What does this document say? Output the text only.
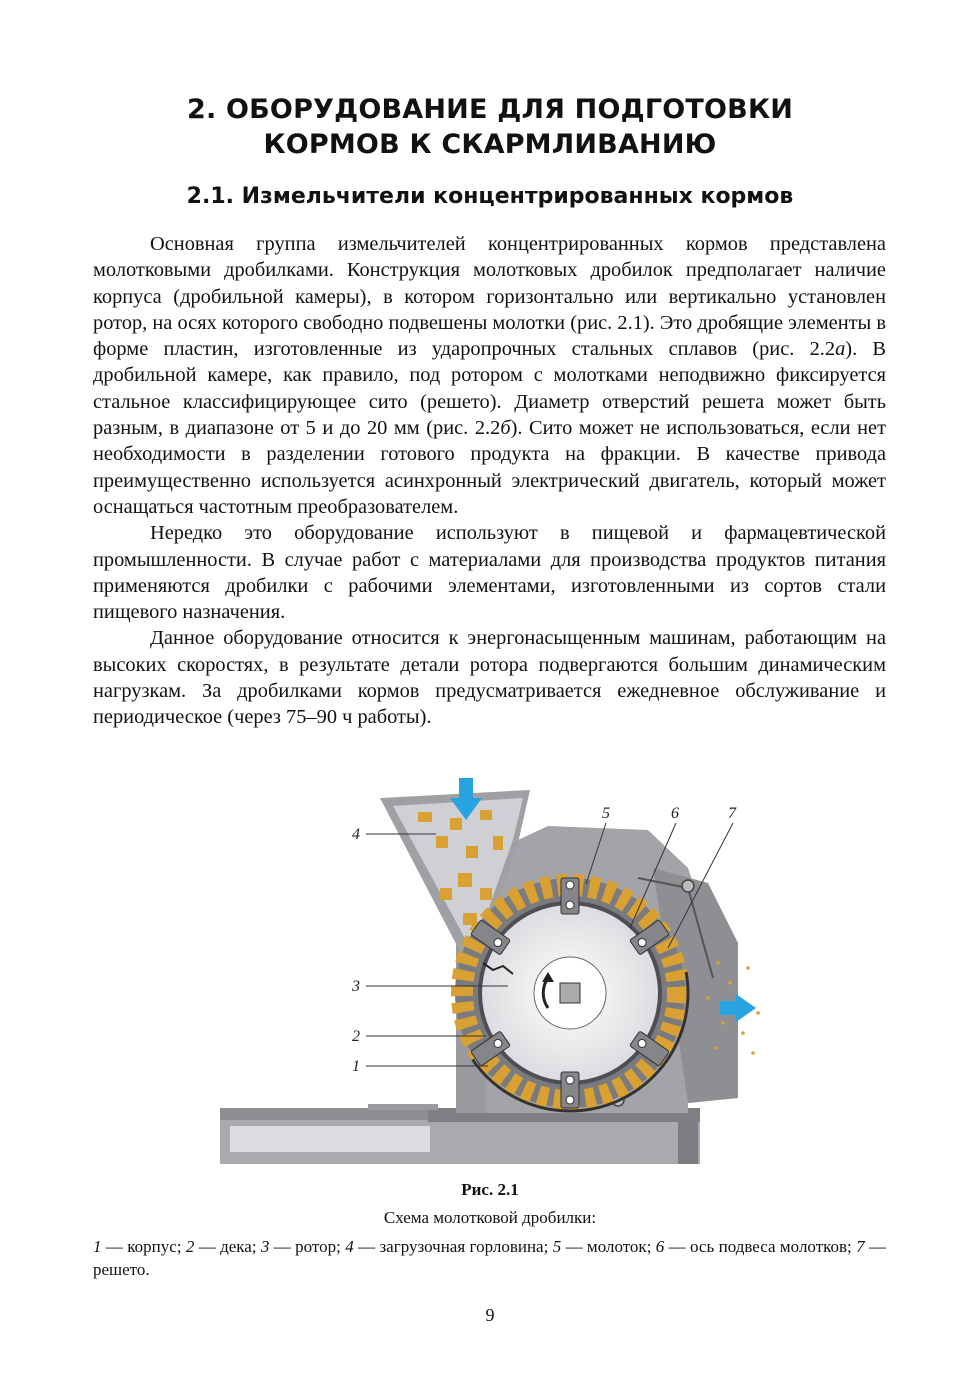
2. ОБОРУДОВАНИЕ ДЛЯ ПОДГОТОВКИ
КОРМОВ К СКАРМЛИВАНИЮ
2.1. Измельчители концентрированных кормов

Основная группа измельчителей концентрированных кормов представлена молотковыми дробилками. Конструкция молотковых дробилок предполагает наличие корпуса (дробильной камеры), в котором горизонтально или вертикально установлен ротор, на осях которого свободно подвешены молотки (рис. 2.1). Это дробящие элементы в форме пластин, изготовленные из ударопрочных стальных сплавов (рис. 2.2а). В дробильной камере, как правило, под ротором с молотками неподвижно фиксируется стальное классифицирующее сито (решето). Диаметр отверстий решета может быть разным, в диапазоне от 5 и до 20 мм (рис. 2.2б). Сито может не использоваться, если нет необходимости в разделении готового продукта на фракции. В качестве привода преимущественно используется асинхронный электрический двигатель, который может оснащаться частотным преобразователем.

Нередко это оборудование используют в пищевой и фармацевтической промышленности. В случае работ с материалами для производства продуктов питания применяются дробилки с рабочими элементами, изготовленными из сортов стали пищевого назначения.

Данное оборудование относится к энергонасыщенным машинам, работающим на высоких скоростях, в результате детали ротора подвергаются большим динамическим нагрузкам. За дробилками кормов предусматривается ежедневное обслуживание и периодическое (через 75–90 ч работы).

4
3
2
1
5	6	7
Рис. 2.1
Схема молотковой дробилки:
1 — корпус; 2 — дека; 3 — ротор; 4 — загрузочная горловина; 5 — молоток; 6 — ось подвеса молотков; 7 — решето.
9
